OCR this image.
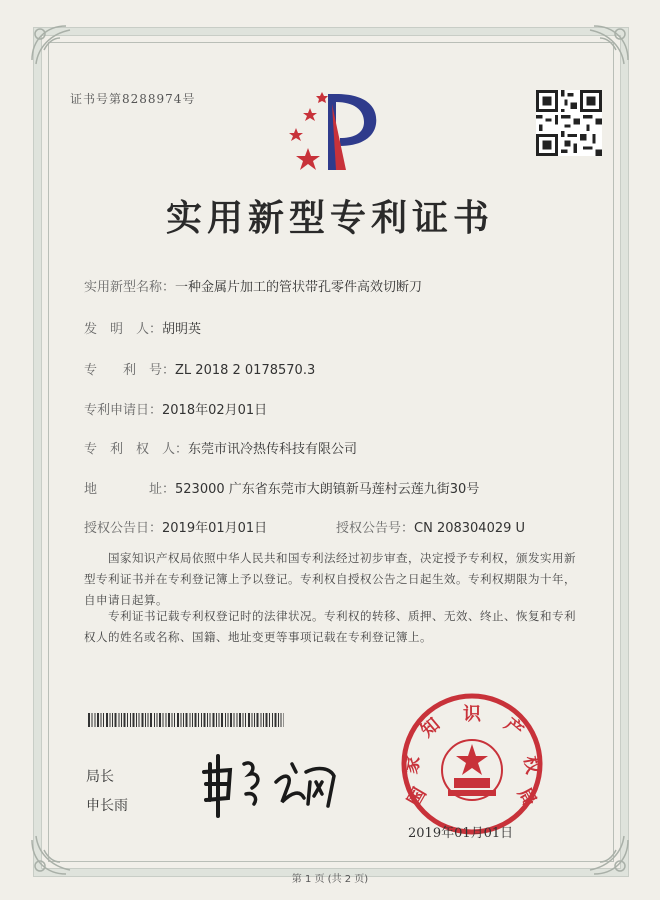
证书号第8288974号
实用新型专利证书
实用新型名称：一种金属片加工的管状带孔零件高效切断刀
发　明　人：胡明英
专　　利　号：ZL 2018 2 0178570.3
专利申请日：2018年02月01日
专　利　权　人：东莞市讯冷热传科技有限公司
地　　　　址：523000 广东省东莞市大朗镇新马莲村云莲九街30号
授权公告日：2019年01月01日	授权公告号：CN 208304029 U
国家知识产权局依照中华人民共和国专利法经过初步审查，决定授予专利权，颁发实用新型专利证书并在专利登记簿上予以登记。专利权自授权公告之日起生效。专利权期限为十年，自申请日起算。
专利证书记载专利权登记时的法律状况。专利权的转移、质押、无效、终止、恢复和专利权人的姓名或名称、国籍、地址变更等事项记载在专利登记簿上。
局长
申长雨	国
家
知 识 产
权
局
2019年01月01日
第 1 页 (共 2 页)
